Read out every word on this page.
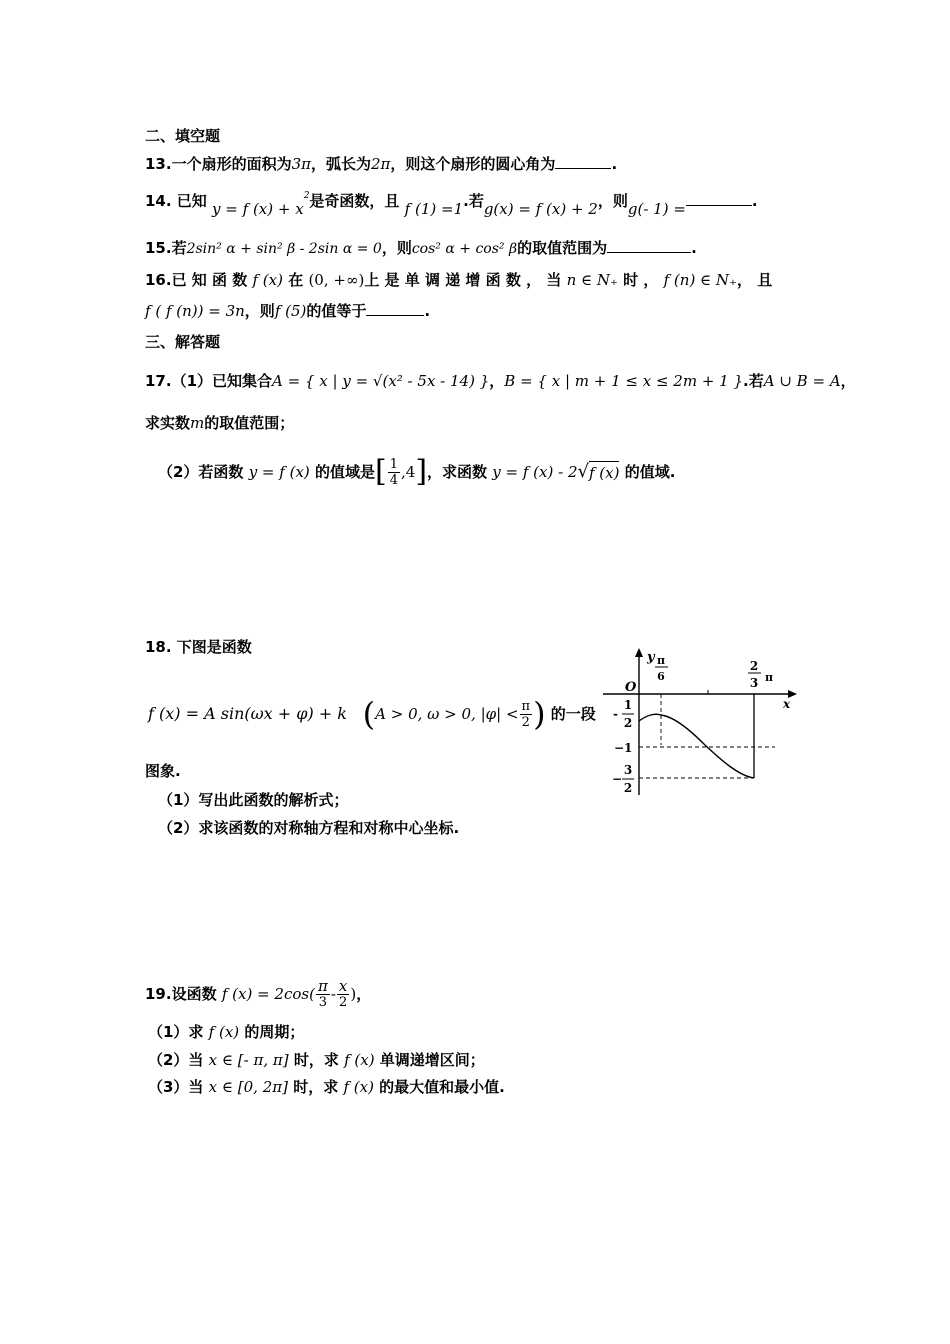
二、填空题
13.一个扇形的面积为3π，弧长为2π，则这个扇形的圆心角为	.
14. 已知 y = f $(x) + x^2$是奇函数，且 f (1) =1.若g(x) = f (x) + 2，则g(- 1) =	.
15.若2sin² α + sin² β - 2sin α = 0，则cos² α + cos² β的取值范围为	.
16.已 知 函 数 f (x) 在 (0, +∞)上 是 单 调 递 增 函 数 ， 当 n ∈ N₊ 时 ， f (n) ∈ N₊， 且
f ( f (n)) = 3n，则f (5)的值等于	.
三、解答题
17.（1）已知集合A = { x | y = √(x² - 5x - 14) }，B = { x | m + 1 ≤ x ≤ 2m + 1 }.若A ∪ B = A，
求实数m的取值范围；
（2）若函数
y = f (x)
的值域是 [ $\frac{1}{4} ,4$ ] ，求函数
y = f (x) - 2 √ f (x)
的值域.
18. 下图是函数
f (x) = A sin(ωx + φ) + k
( A > 0, ω > 0, $|\varphi| < \frac{\pi}{2}$ )
的一段
图象.
（1）写出此函数的解析式；
（2）求该函数的对称轴方程和对称中心坐标.
y
x
O
π
6
2
3 π
-
1
2
−1
−
3
2
19. 设函数
f $(x) = 2\cos( \frac{\pi}{3} - \frac{x}{2}$ ) ，
（1）求 f (x) 的周期；
（2）当 x ∈ [- π, π] 时，求 f (x) 单调递增区间；
（3）当 x ∈ [0, 2π] 时，求 f (x) 的最大值和最小值.
